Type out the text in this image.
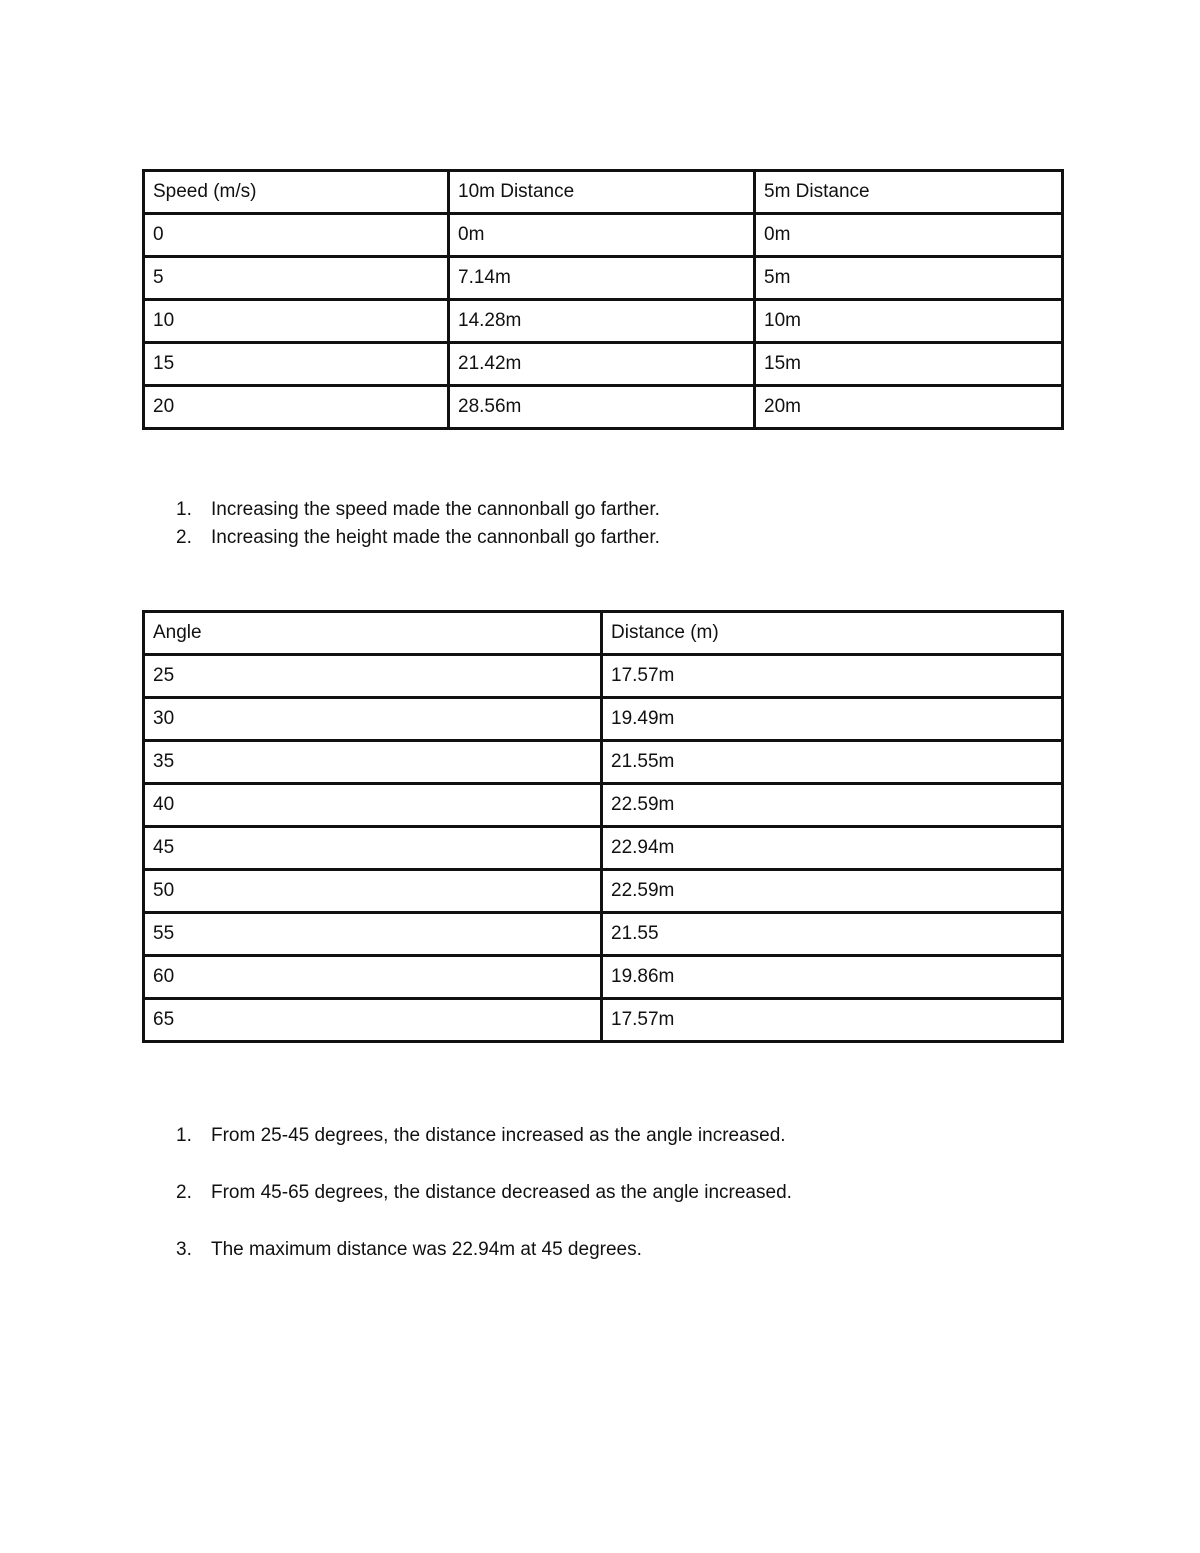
Speed (m/s)	10m Distance	5m Distance
0	0m	0m
5	7.14m	5m
10	14.28m	10m
15	21.42m	15m
20	28.56m	20m
1. Increasing the speed made the cannonball go farther.
2. Increasing the height made the cannonball go farther.
Angle	Distance (m)
25	17.57m
30	19.49m
35	21.55m
40	22.59m
45	22.94m
50	22.59m
55	21.55
60	19.86m
65	17.57m
1. From 25-45 degrees, the distance increased as the angle increased.
2. From 45-65 degrees, the distance decreased as the angle increased.
3. The maximum distance was 22.94m at 45 degrees.
